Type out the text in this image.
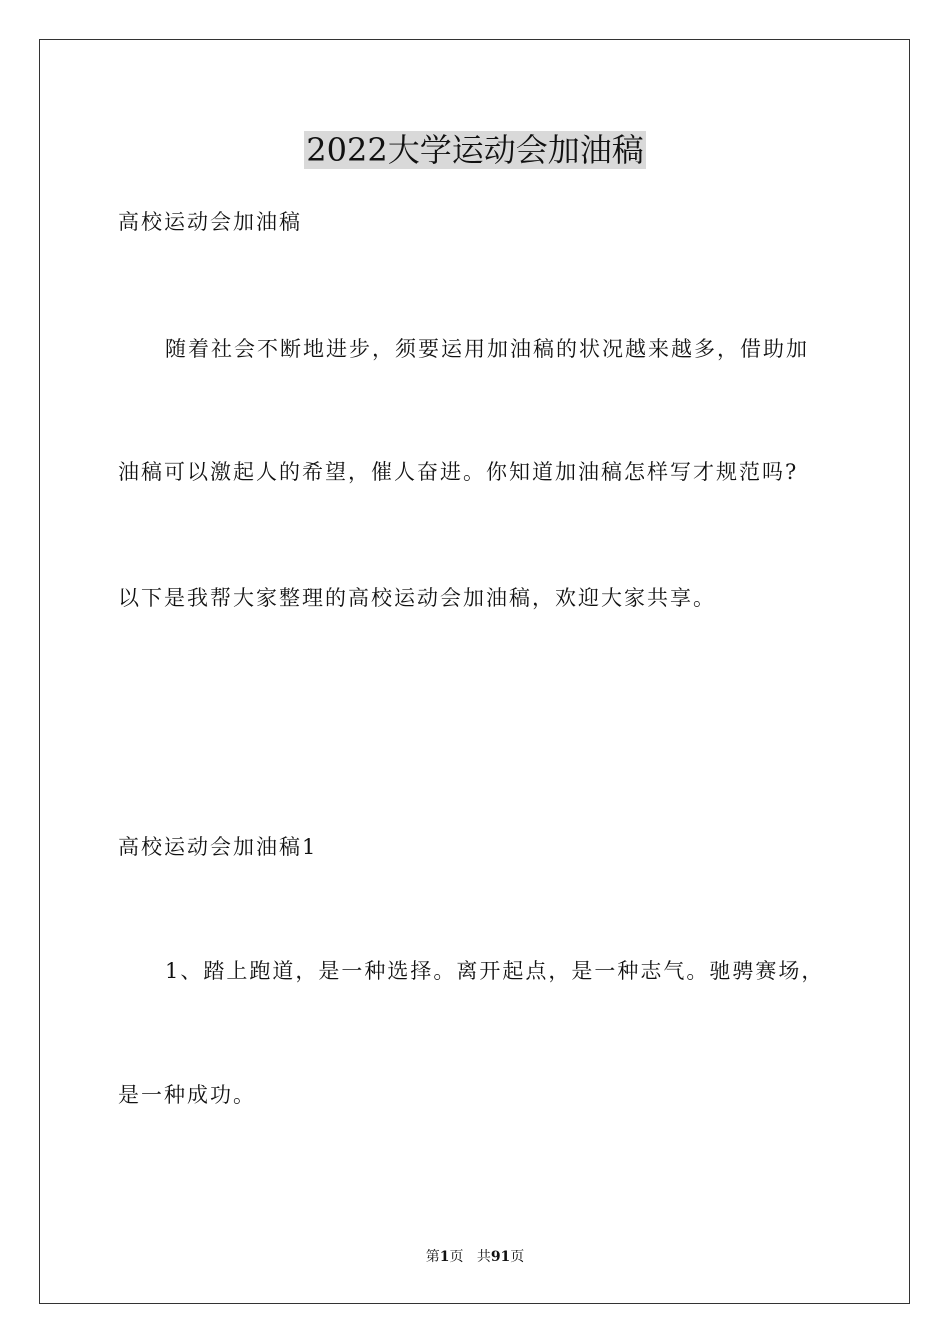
2022大学运动会加油稿

高校运动会加油稿

随着社会不断地进步，须要运用加油稿的状况越来越多，借助加

油稿可以激起人的希望，催人奋进。你知道加油稿怎样写才规范吗?

以下是我帮大家整理的高校运动会加油稿，欢迎大家共享。

高校运动会加油稿1

1、踏上跑道，是一种选择。离开起点，是一种志气。驰骋赛场，

是一种成功。

第1页 共91页
